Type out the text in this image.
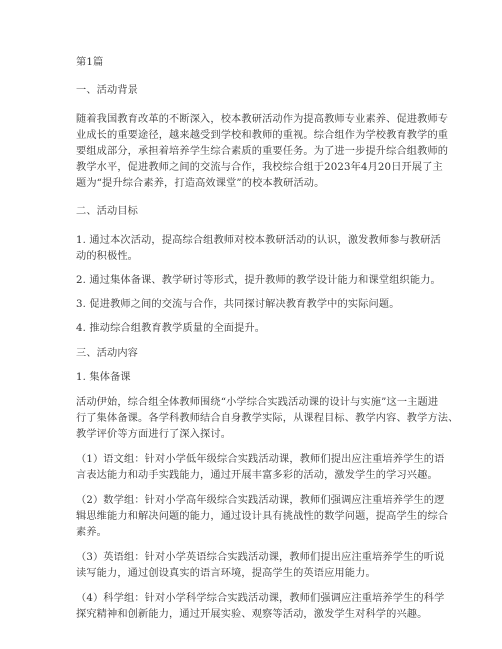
第1篇
一、活动背景
随着我国教育改革的不断深入，校本教研活动作为提高教师专业素养、促进教师专
业成长的重要途径，越来越受到学校和教师的重视。综合组作为学校教育教学的重
要组成部分，承担着培养学生综合素质的重要任务。为了进一步提升综合组教师的
教学水平，促进教师之间的交流与合作，我校综合组于2023年4月20日开展了主
题为“提升综合素养，打造高效课堂”的校本教研活动。
二、活动目标
1. 通过本次活动，提高综合组教师对校本教研活动的认识，激发教师参与教研活
动的积极性。
2. 通过集体备课、教学研讨等形式，提升教师的教学设计能力和课堂组织能力。
3. 促进教师之间的交流与合作，共同探讨解决教育教学中的实际问题。
4. 推动综合组教育教学质量的全面提升。
三、活动内容
1. 集体备课
活动伊始，综合组全体教师围绕“小学综合实践活动课的设计与实施”这一主题进
行了集体备课。各学科教师结合自身教学实际，从课程目标、教学内容、教学方法、
教学评价等方面进行了深入探讨。
（1）语文组：针对小学低年级综合实践活动课，教师们提出应注重培养学生的语
言表达能力和动手实践能力，通过开展丰富多彩的活动，激发学生的学习兴趣。
（2）数学组：针对小学高年级综合实践活动课，教师们强调应注重培养学生的逻
辑思维能力和解决问题的能力，通过设计具有挑战性的数学问题，提高学生的综合
素养。
（3）英语组：针对小学英语综合实践活动课，教师们提出应注重培养学生的听说
读写能力，通过创设真实的语言环境，提高学生的英语应用能力。
（4）科学组：针对小学科学综合实践活动课，教师们强调应注重培养学生的科学
探究精神和创新能力，通过开展实验、观察等活动，激发学生对科学的兴趣。
